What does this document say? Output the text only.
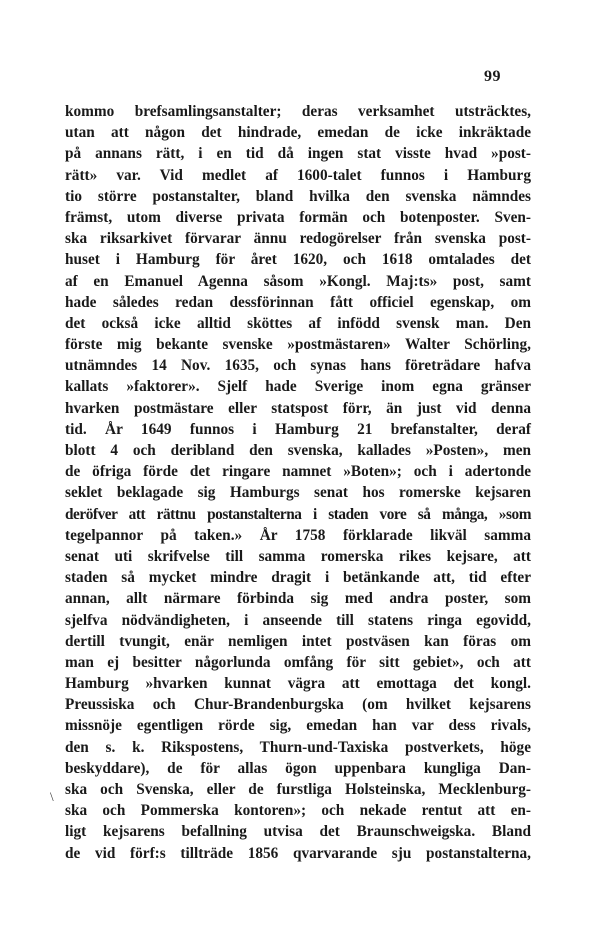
99
\
kommo brefsamlingsanstalter; deras verksamhet utsträcktes,
utan att någon det hindrade, emedan de icke inkräktade
på annans rätt, i en tid då ingen stat visste hvad »post-
rätt» var. Vid medlet af 1600-talet funnos i Hamburg
tio större postanstalter, bland hvilka den svenska nämndes
främst, utom diverse privata formän och botenposter. Sven-
ska riksarkivet förvarar ännu redogörelser från svenska post-
huset i Hamburg för året 1620, och 1618 omtalades det
af en Emanuel Agenna såsom »Kongl. Maj:ts» post, samt
hade således redan dessförinnan fått officiel egenskap, om
det också icke alltid sköttes af infödd svensk man. Den
förste mig bekante svenske »postmästaren» Walter Schörling,
utnämndes 14 Nov. 1635, och synas hans företrädare hafva
kallats »faktorer». Sjelf hade Sverige inom egna gränser
hvarken postmästare eller statspost förr, än just vid denna
tid. År 1649 funnos i Hamburg 21 brefanstalter, deraf
blott 4 och deribland den svenska, kallades »Posten», men
de öfriga förde det ringare namnet »Boten»; och i adertonde
seklet beklagade sig Hamburgs senat hos romerske kejsaren
deröfver att rättnu postanstalterna i staden vore så många, »som
tegelpannor på taken.» År 1758 förklarade likväl samma
senat uti skrifvelse till samma romerska rikes kejsare, att
staden så mycket mindre dragit i betänkande att, tid efter
annan, allt närmare förbinda sig med andra poster, som
sjelfva nödvändigheten, i anseende till statens ringa egovidd,
dertill tvungit, enär nemligen intet postväsen kan föras om
man ej besitter någorlunda omfång för sitt gebiet», och att
Hamburg »hvarken kunnat vägra att emottaga det kongl.
Preussiska och Chur-Brandenburgska (om hvilket kejsarens
missnöje egentligen rörde sig, emedan han var dess rivals,
den s. k. Rikspostens, Thurn-und-Taxiska postverkets, höge
beskyddare), de för allas ögon uppenbara kungliga Dan-
ska och Svenska, eller de furstliga Holsteinska, Mecklenburg-
ska och Pommerska kontoren»; och nekade rentut att en-
ligt kejsarens befallning utvisa det Braunschweigska. Bland
de vid förf:s tillträde 1856 qvarvarande sju postanstalterna,
